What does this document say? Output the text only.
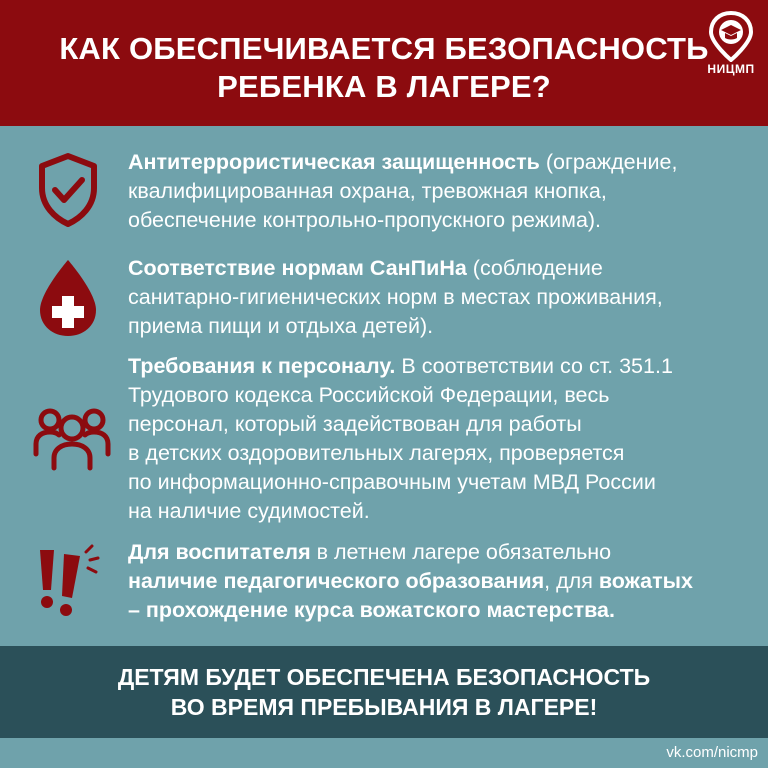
КАК ОБЕСПЕЧИВАЕТСЯ БЕЗОПАСНОСТЬ
РЕБЕНКА В ЛАГЕРЕ?	НИЦМП
Антитеррористическая защищенность (ограждение,
квалифицированная охрана, тревожная кнопка,
обеспечение контрольно-пропускного режима).
Соответствие нормам СанПиНа (соблюдение
санитарно-гигиенических норм в местах проживания,
приема пищи и отдыха детей).
Требования к персоналу. В соответствии со ст. 351.1
Трудового кодекса Российской Федерации, весь
персонал, который задействован для работы
в детских оздоровительных лагерях, проверяется
по информационно-справочным учетам МВД России
на наличие судимостей.
Для воспитателя в летнем лагере обязательно
наличие педагогического образования, для вожатых
– прохождение курса вожатского мастерства.
ДЕТЯМ БУДЕТ ОБЕСПЕЧЕНА БЕЗОПАСНОСТЬ
ВО ВРЕМЯ ПРЕБЫВАНИЯ В ЛАГЕРЕ!
vk.com/nicmp
